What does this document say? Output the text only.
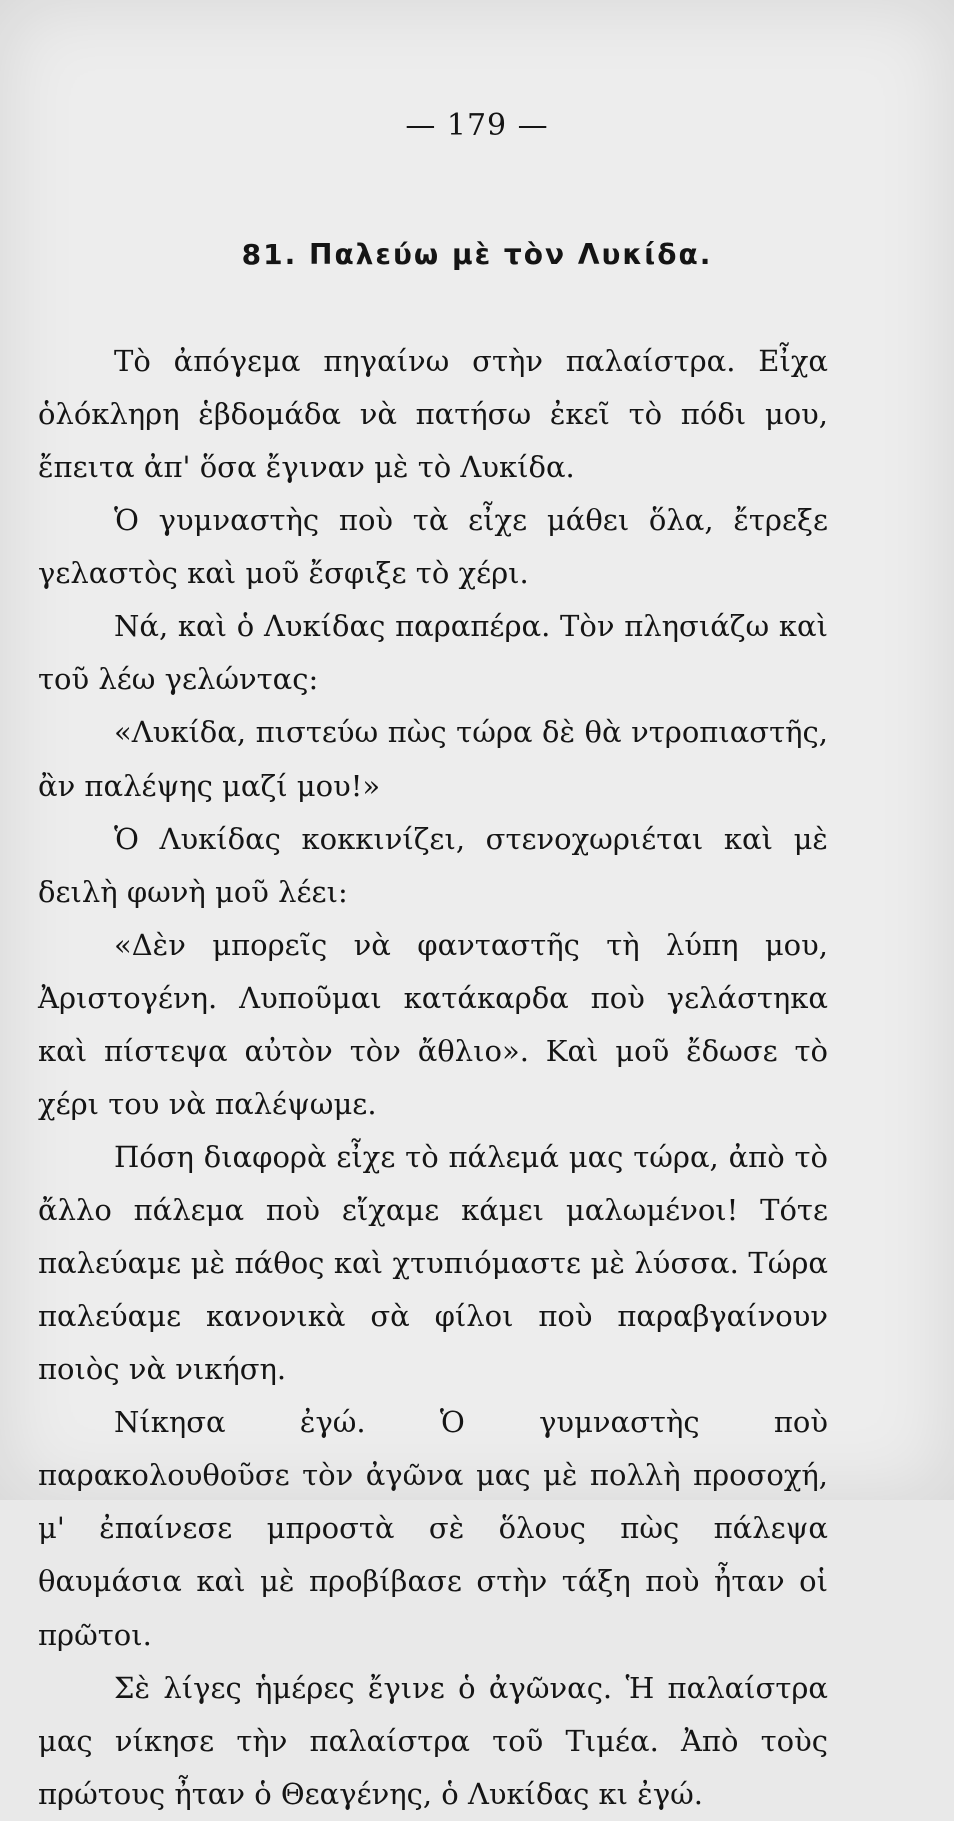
— 179 —
81. Παλεύω μὲ τὸν Λυκίδα.

Τὸ ἀπόγεμα πηγαίνω στὴν παλαίστρα. Εἶχα ὁλόκληρη ἑβδομάδα νὰ πατήσω ἐκεῖ τὸ πόδι μου, ἔπειτα ἀπ' ὅσα ἔγιναν μὲ τὸ Λυκίδα.

Ὁ γυμναστὴς ποὺ τὰ εἶχε μάθει ὅλα, ἔτρεξε γελαστὸς καὶ μοῦ ἔσφιξε τὸ χέρι.

Νά, καὶ ὁ Λυκίδας παραπέρα. Τὸν πλησιάζω καὶ τοῦ λέω γελώντας:

«Λυκίδα, πιστεύω πὼς τώρα δὲ θὰ ντροπιαστῆς, ἂν παλέψης μαζί μου!»

Ὁ Λυκίδας κοκκινίζει, στενοχωριέται καὶ μὲ δειλὴ φωνὴ μοῦ λέει:

«Δὲν μπορεῖς νὰ φανταστῆς τὴ λύπη μου, Ἀριστογένη. Λυποῦμαι κατάκαρδα ποὺ γελάστηκα καὶ πίστεψα αὐτὸν τὸν ἄθλιο». Καὶ μοῦ ἔδωσε τὸ χέρι του νὰ παλέψωμε.

Πόση διαφορὰ εἶχε τὸ πάλεμά μας τώρα, ἀπὸ τὸ ἄλλο πάλεμα ποὺ εἴχαμε κάμει μαλωμένοι! Τότε παλεύαμε μὲ πάθος καὶ χτυπιόμαστε μὲ λύσσα. Τώρα παλεύαμε κανονικὰ σὰ φίλοι ποὺ παραβγαίνουν ποιὸς νὰ νικήση.

Νίκησα ἐγώ. Ὁ γυμναστὴς ποὺ παρακολουθοῦσε τὸν ἀγῶνα μας μὲ πολλὴ προσοχή, μ' ἐπαίνεσε μπροστὰ σὲ ὅλους πὼς πάλεψα θαυμάσια καὶ μὲ προβίβασε στὴν τάξη ποὺ ἦταν οἱ πρῶτοι.

Σὲ λίγες ἡμέρες ἔγινε ὁ ἀγῶνας. Ἡ παλαίστρα μας νίκησε τὴν παλαίστρα τοῦ Τιμέα. Ἀπὸ τοὺς πρώτους ἦταν ὁ Θεαγένης, ὁ Λυκίδας κι ἐγώ.
